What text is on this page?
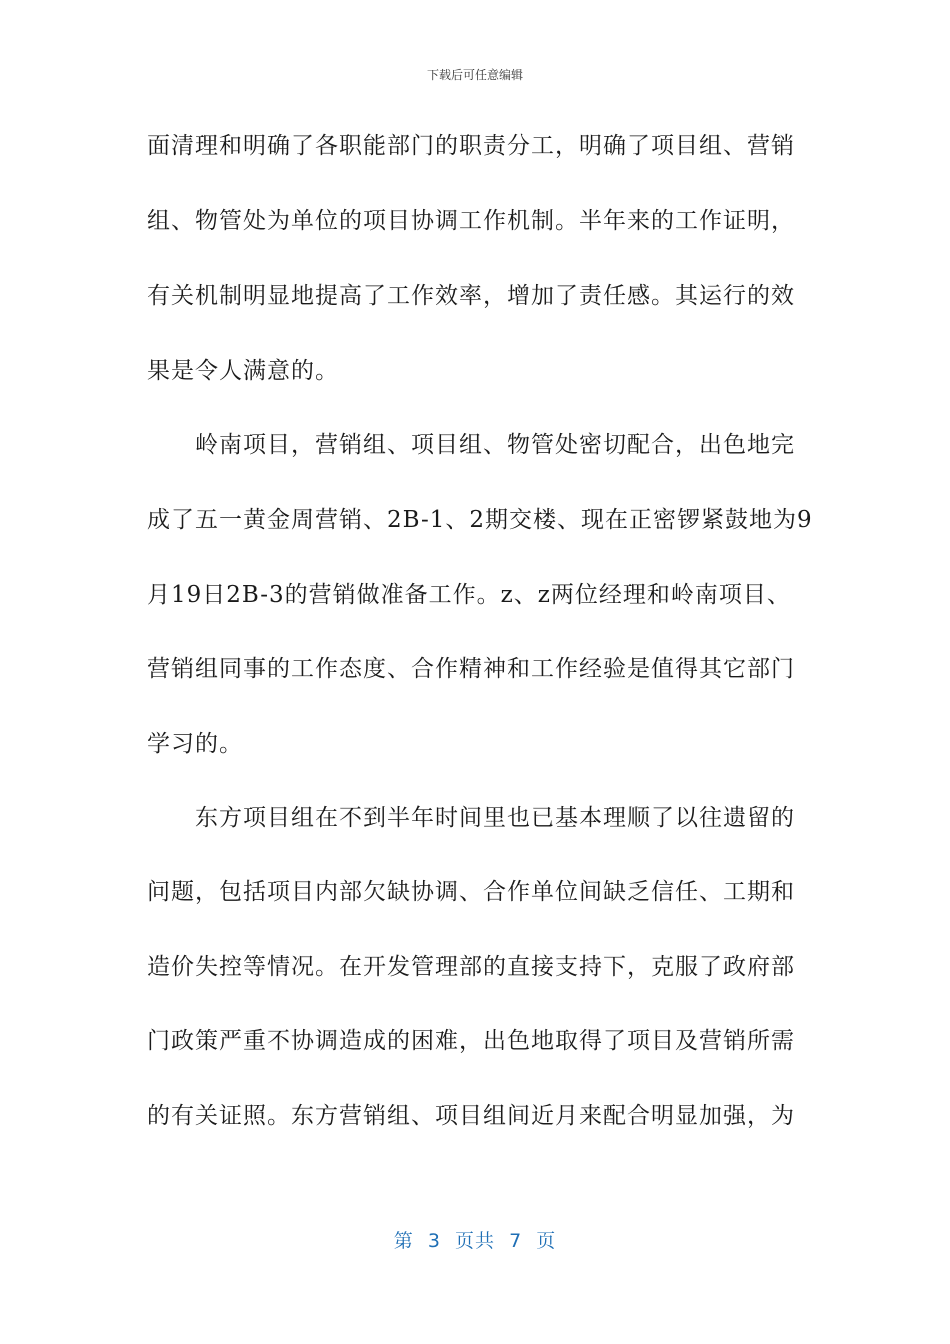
下载后可任意编辑
面清理和明确了各职能部门的职责分工，明确了项目组、营销
组、物管处为单位的项目协调工作机制。半年来的工作证明，
有关机制明显地提高了工作效率，增加了责任感。其运行的效
果是令人满意的。
　　岭南项目，营销组、项目组、物管处密切配合，出色地完
成了五一黄金周营销、2B-1、2期交楼、现在正密锣紧鼓地为9
月19日2B-3的营销做准备工作。z、z两位经理和岭南项目、
营销组同事的工作态度、合作精神和工作经验是值得其它部门
学习的。
　　东方项目组在不到半年时间里也已基本理顺了以往遗留的
问题，包括项目内部欠缺协调、合作单位间缺乏信任、工期和
造价失控等情况。在开发管理部的直接支持下，克服了政府部
门政策严重不协调造成的困难，出色地取得了项目及营销所需
的有关证照。东方营销组、项目组间近月来配合明显加强，为
第  3  页共  7  页
